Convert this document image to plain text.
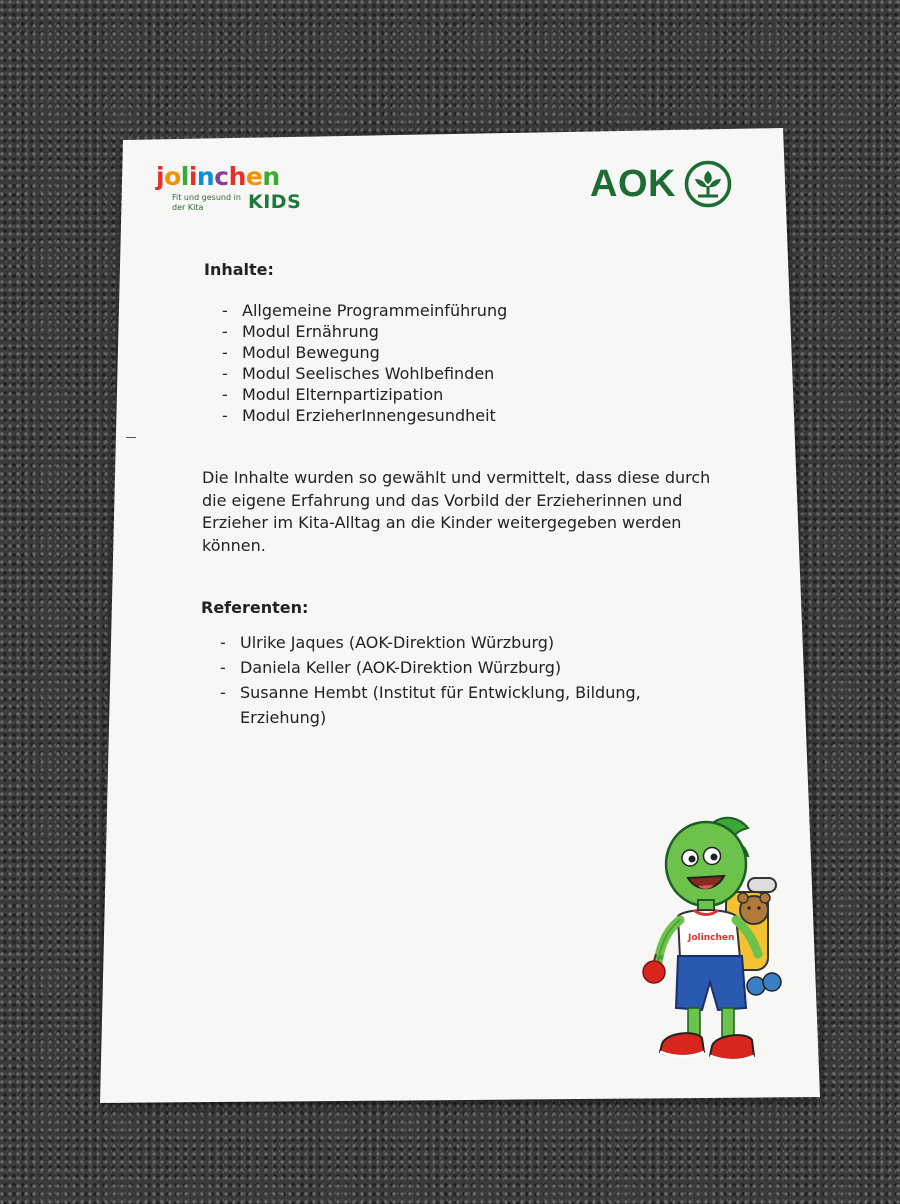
jolinchen
Fit und gesund in der Kita	KIDS	AOK
Inhalte:
- Allgemeine Programmeinführung
- Modul Ernährung
- Modul Bewegung
- Modul Seelisches Wohlbefinden
- Modul Elternpartizipation
- Modul ErzieherInnengesundheit
Die Inhalte wurden so gewählt und vermittelt, dass diese durch die eigene Erfahrung und das Vorbild der Erzieherinnen und Erzieher im Kita-Alltag an die Kinder weitergegeben werden können.
Referenten:
- Ulrike Jaques (AOK-Direktion Würzburg)
- Daniela Keller (AOK-Direktion Würzburg)
- Susanne Hembt (Institut für Entwicklung, Bildung, Erziehung)
Jolinchen
